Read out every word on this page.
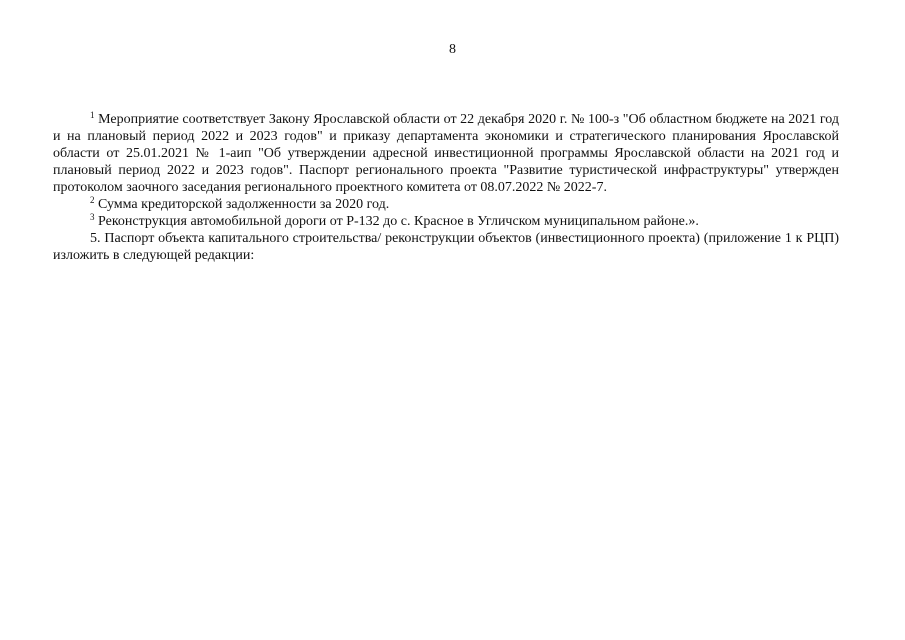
8

$^1$ Мероприятие соответствует Закону Ярославской области от 22 декабря 2020 г. № 100-з "Об областном бюджете на 2021 год и на плановый период 2022 и 2023 годов" и приказу департамента экономики и стратегического планирования Ярославской области от 25.01.2021 № 1-аип "Об утверждении адресной инвестиционной программы Ярославской области на 2021 год и плановый период 2022 и 2023 годов". Паспорт регионального проекта "Развитие туристической инфраструктуры" утвержден протоколом заочного заседания регионального проектного комитета от 08.07.2022 № 2022-7.

$^2$ Сумма кредиторской задолженности за 2020 год.

$^3$ Реконструкция автомобильной дороги от Р-132 до с. Красное в Угличском муниципальном районе.».

5. Паспорт объекта капитального строительства/ реконструкции объектов (инвестиционного проекта) (приложение 1 к РЦП) изложить в следующей редакции:
